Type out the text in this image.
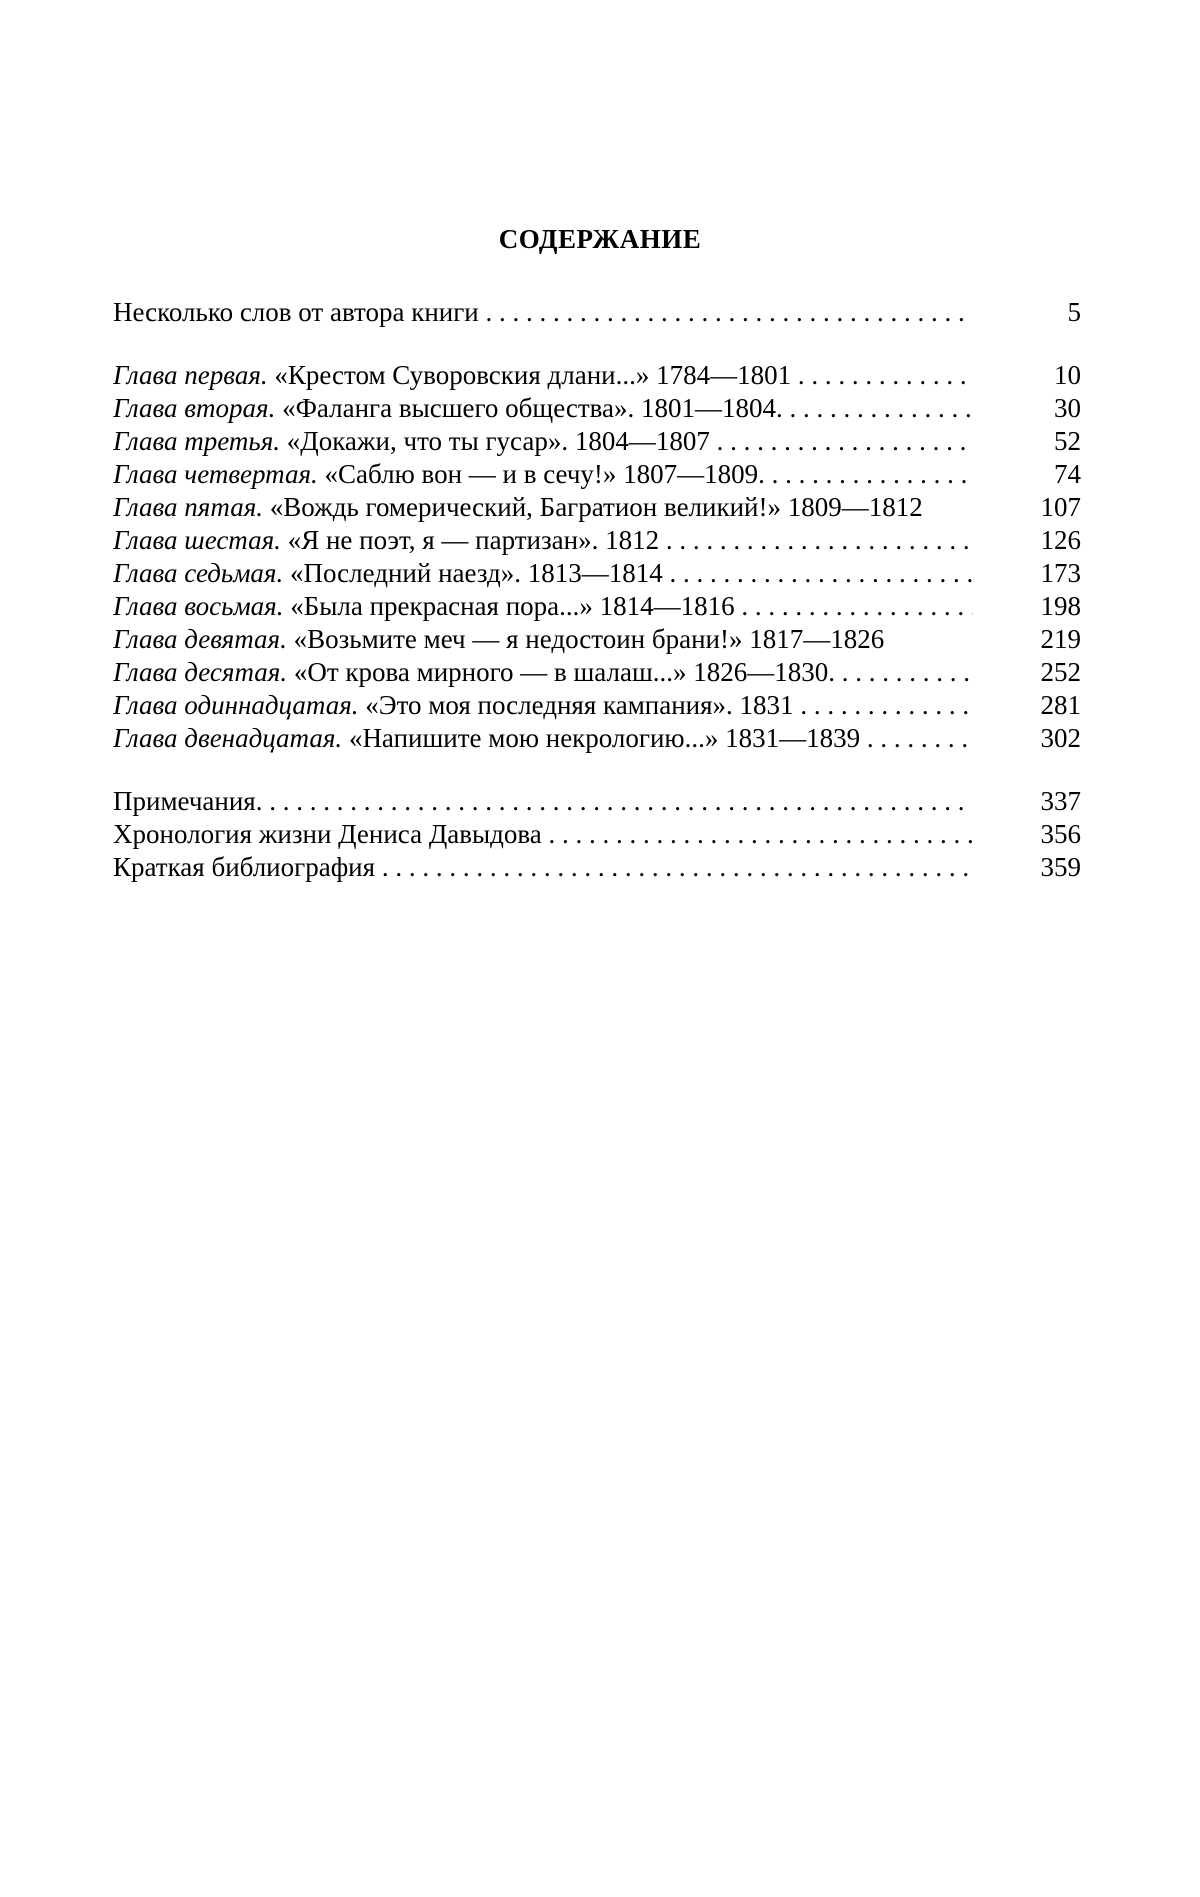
СОДЕРЖАНИЕ
Несколько слов от автора книги . . .	5
Глава первая. «Крестом Суворовския длани...» 1784—1801 . . .	10
Глава вторая. «Фаланга высшего общества». 1801—1804. . . .	30
Глава третья. «Докажи, что ты гусар». 1804—1807 . . .	52
Глава четвертая. «Саблю вон — и в сечу!» 1807—1809. . . .	74
Глава пятая. «Вождь гомерический, Багратион великий!» 1809—1812	107
Глава шестая. «Я не поэт, я — партизан». 1812 . . .	126
Глава седьмая. «Последний наезд». 1813—1814 . . .	173
Глава восьмая. «Была прекрасная пора...» 1814—1816 . . .	198
Глава девятая. «Возьмите меч — я недостоин брани!» 1817—1826	219
Глава десятая. «От крова мирного — в шалаш...» 1826—1830. . . .	252
Глава одиннадцатая. «Это моя последняя кампания». 1831 . . .	281
Глава двенадцатая. «Напишите мою некрологию...» 1831—1839 . . .	302
Примечания. . . .	337
Хронология жизни Дениса Давыдова . . .	356
Краткая библиография . . .	359
